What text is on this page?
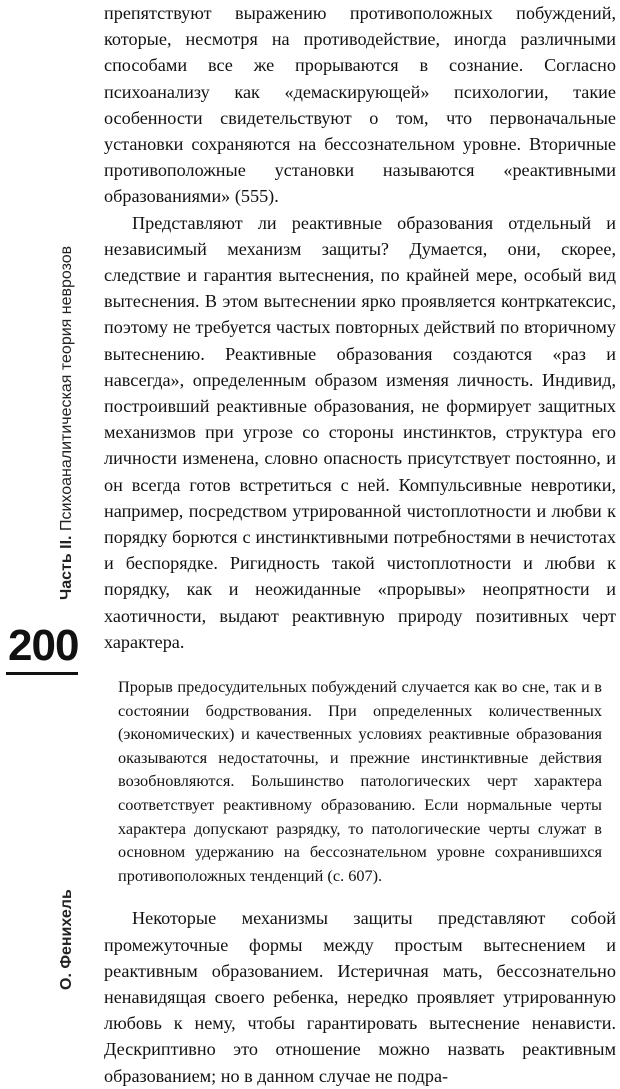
Часть II. Психоаналитическая теория неврозов
О. Фенихель
200

препятствуют выражению противоположных побуждений, которые, несмотря на противодействие, иногда различными способами все же прорываются в сознание. Согласно психоанализу как «демаскирующей» психологии, такие особенности свидетельствуют о том, что первоначальные установки сохраняются на бессознательном уровне. Вторичные противоположные установки называются «реактивными образованиями» (555).

Представляют ли реактивные образования отдельный и независимый механизм защиты? Думается, они, скорее, следствие и гарантия вытеснения, по крайней мере, особый вид вытеснения. В этом вытеснении ярко проявляется контркатексис, поэтому не требуется частых повторных действий по вторичному вытеснению. Реактивные образования создаются «раз и навсегда», определенным образом изменяя личность. Индивид, построивший реактивные образования, не формирует защитных механизмов при угрозе со стороны инстинктов, структура его личности изменена, словно опасность присутствует постоянно, и он всегда готов встретиться с ней. Компульсивные невротики, например, посредством утрированной чистоплотности и любви к порядку борются с инстинктивными потребностями в нечистотах и беспорядке. Ригидность такой чистоплотности и любви к порядку, как и неожиданные «прорывы» неопрятности и хаотичности, выдают реактивную природу позитивных черт характера.

Прорыв предосудительных побуждений случается как во сне, так и в состоянии бодрствования. При определенных количественных (экономических) и качественных условиях реактивные образования оказываются недостаточны, и прежние инстинктивные действия возобновляются. Большинство патологических черт характера соответствует реактивному образованию. Если нормальные черты характера допускают разрядку, то патологические черты служат в основном удержанию на бессознательном уровне сохранившихся противоположных тенденций (с. 607).

Некоторые механизмы защиты представляют собой промежуточные формы между простым вытеснением и реактивным образованием. Истеричная мать, бессознательно ненавидящая своего ребенка, нередко проявляет утрированную любовь к нему, чтобы гарантировать вытеснение ненависти. Дескриптивно это отношение можно назвать реактивным образованием; но в данном случае не подра-
